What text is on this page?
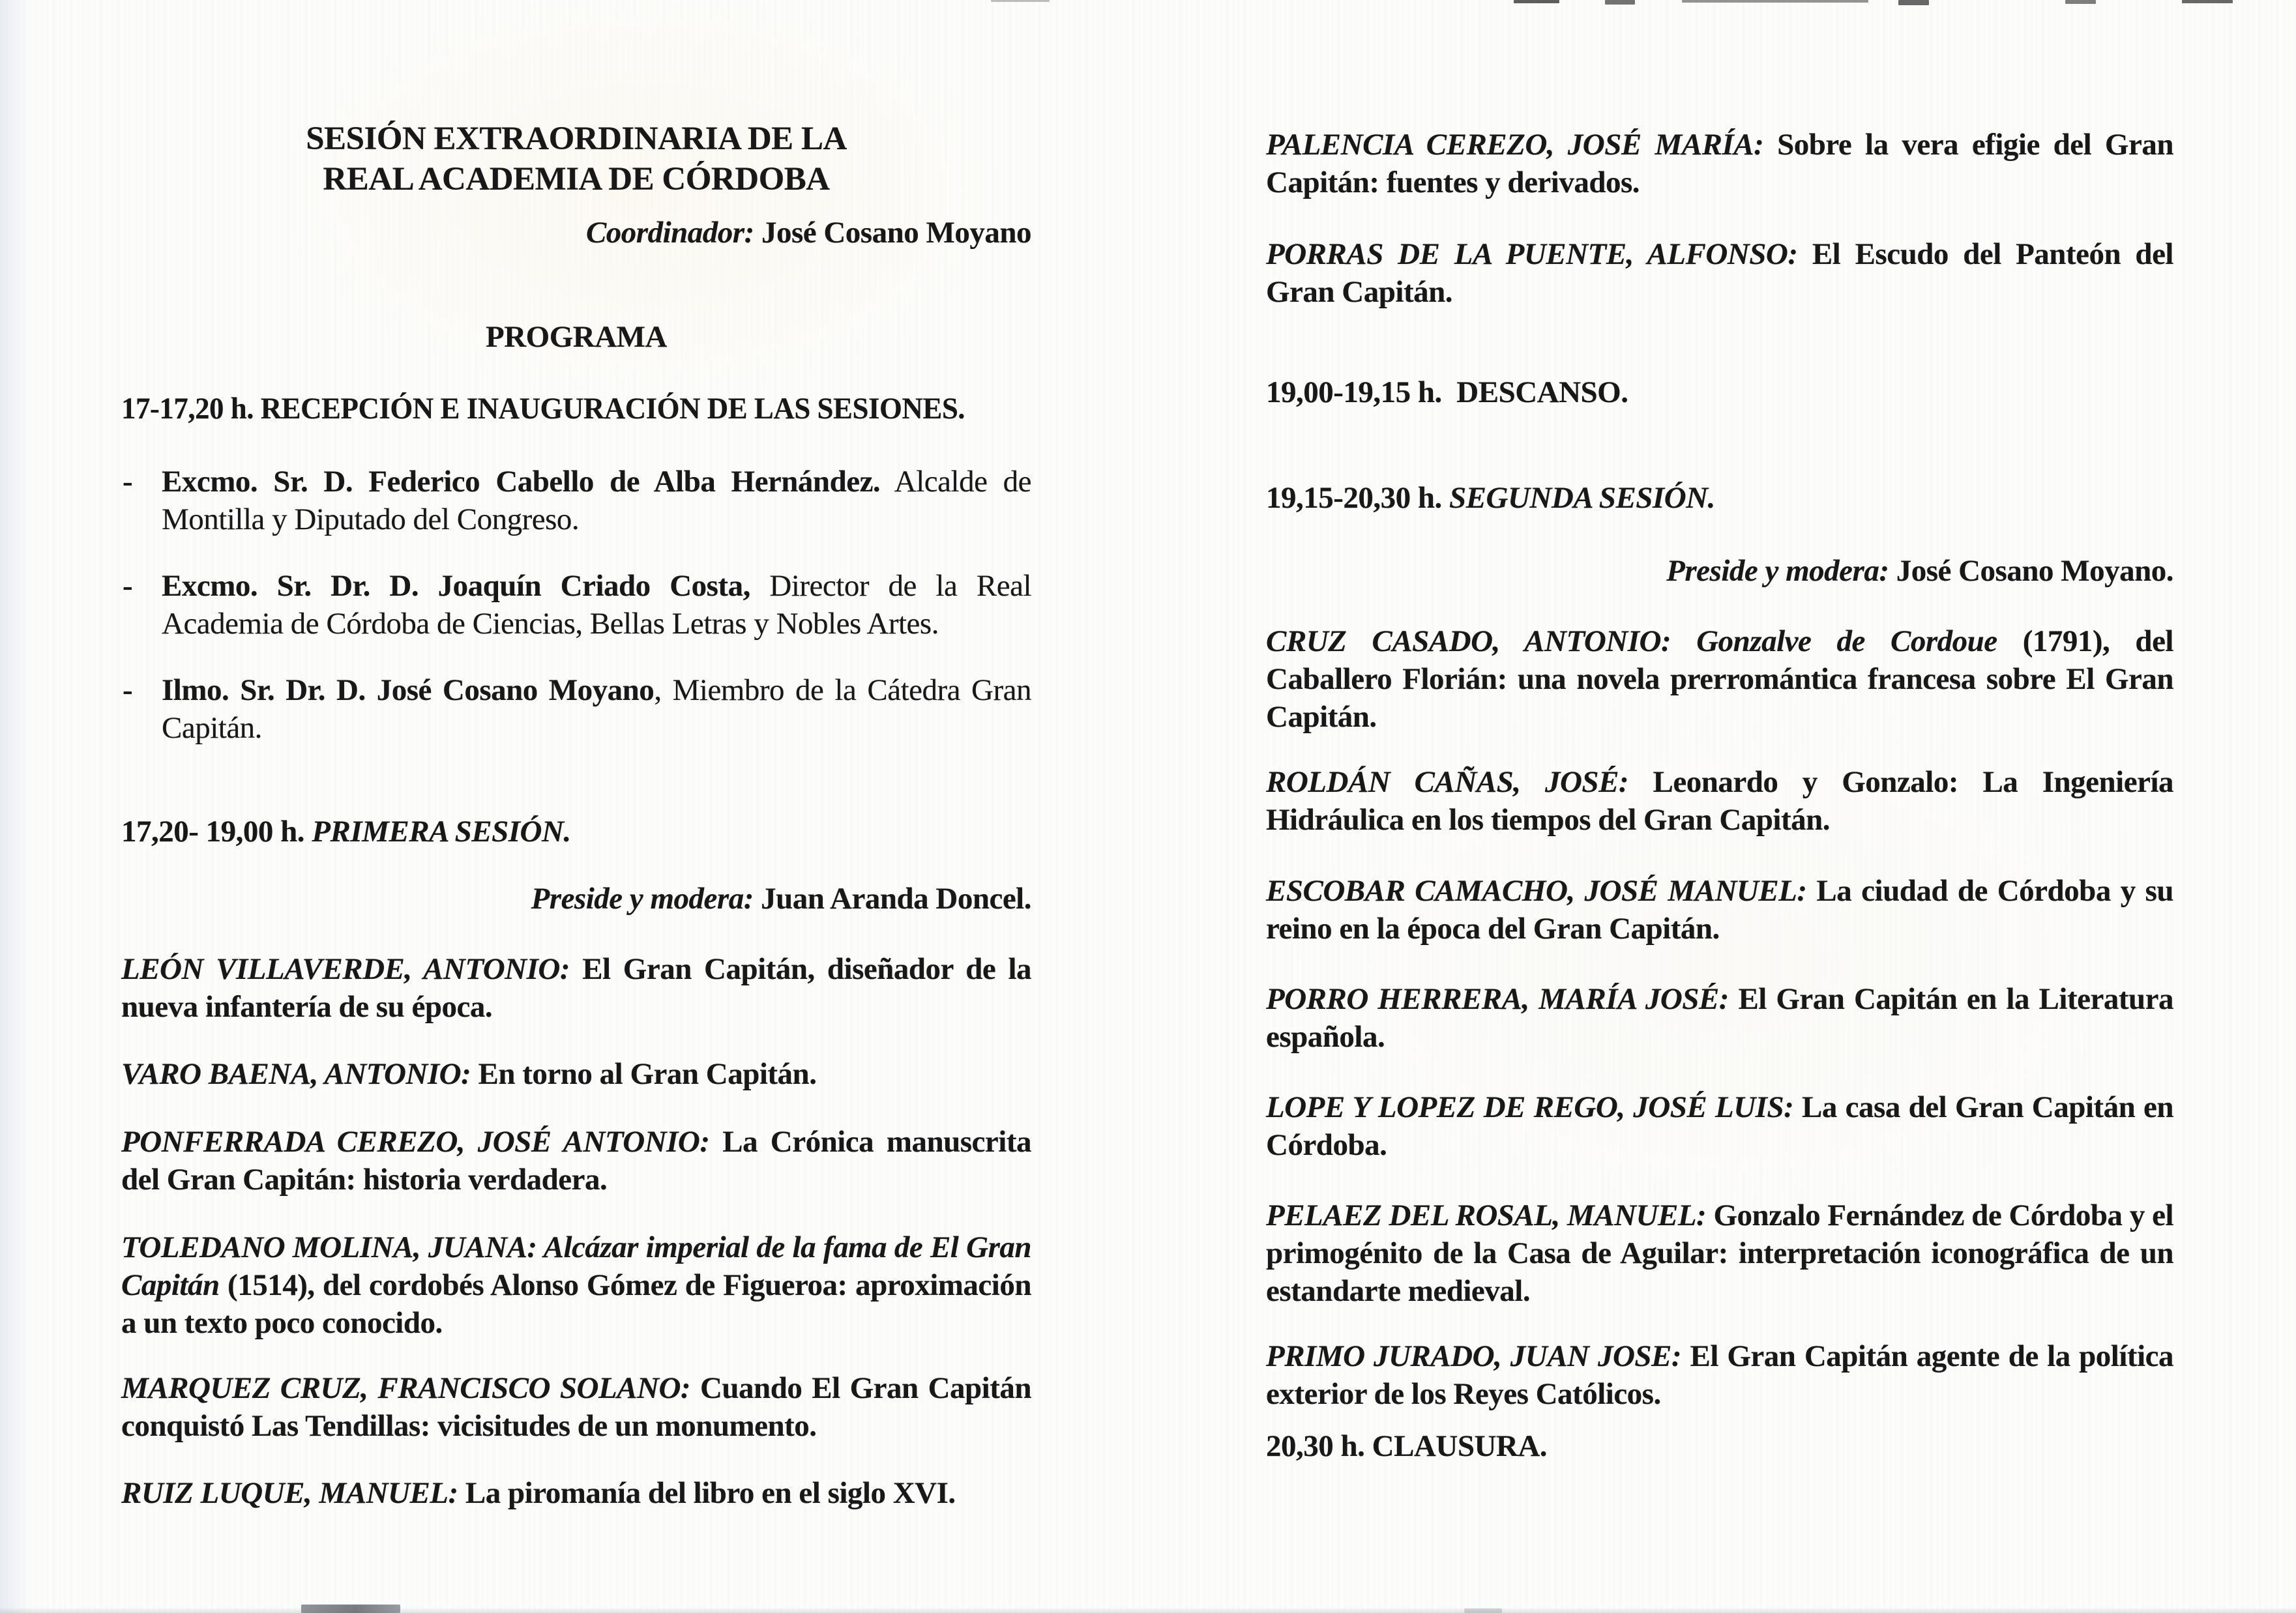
SESIÓN EXTRAORDINARIA DE LA
REAL ACADEMIA DE CÓRDOBA
Coordinador: José Cosano Moyano
PROGRAMA
17-17,20 h. RECEPCIÓN E INAUGURACIÓN DE LAS SESIONES.
- Excmo. Sr. D. Federico Cabello de Alba Hernández. Alcalde de Montilla y Diputado del Congreso.
- Excmo. Sr. Dr. D. Joaquín Criado Costa, Director de la Real Academia de Córdoba de Ciencias, Bellas Letras y Nobles Artes.
- Ilmo. Sr. Dr. D. José Cosano Moyano, Miembro de la Cátedra Gran Capitán.
17,20- 19,00 h. PRIMERA SESIÓN.
Preside y modera: Juan Aranda Doncel.
LEÓN VILLAVERDE, ANTONIO: El Gran Capitán, diseñador de la nueva infantería de su época.
VARO BAENA, ANTONIO: En torno al Gran Capitán.
PONFERRADA CEREZO, JOSÉ ANTONIO: La Crónica manuscrita del Gran Capitán: historia verdadera.
TOLEDANO MOLINA, JUANA: Alcázar imperial de la fama de El Gran Capitán (1514), del cordobés Alonso Gómez de Figueroa: aproximación a un texto poco conocido.
MARQUEZ CRUZ, FRANCISCO SOLANO: Cuando El Gran Capitán conquistó Las Tendillas: vicisitudes de un monumento.
RUIZ LUQUE, MANUEL: La piromanía del libro en el siglo XVI.
PALENCIA CEREZO, JOSÉ MARÍA: Sobre la vera efigie del Gran Capitán: fuentes y derivados.
PORRAS DE LA PUENTE, ALFONSO: El Escudo del Panteón del Gran Capitán.
19,00-19,15 h.  DESCANSO.
19,15-20,30 h. SEGUNDA SESIÓN.
Preside y modera: José Cosano Moyano.
CRUZ CASADO, ANTONIO: Gonzalve de Cordoue (1791), del Caballero Florián: una novela prerromántica francesa sobre El Gran Capitán.
ROLDÁN CAÑAS, JOSÉ: Leonardo y Gonzalo: La Ingeniería Hidráulica en los tiempos del Gran Capitán.
ESCOBAR CAMACHO, JOSÉ MANUEL: La ciudad de Córdoba y su reino en la época del Gran Capitán.
PORRO HERRERA, MARÍA JOSÉ: El Gran Capitán en la Literatura española.
LOPE Y LOPEZ DE REGO, JOSÉ LUIS: La casa del Gran Capitán en Córdoba.
PELAEZ DEL ROSAL, MANUEL: Gonzalo Fernández de Córdoba y el primogénito de la Casa de Aguilar: interpretación iconográfica de un estandarte medieval.
PRIMO JURADO, JUAN JOSE: El Gran Capitán agente de la política exterior de los Reyes Católicos.
20,30 h. CLAUSURA.
